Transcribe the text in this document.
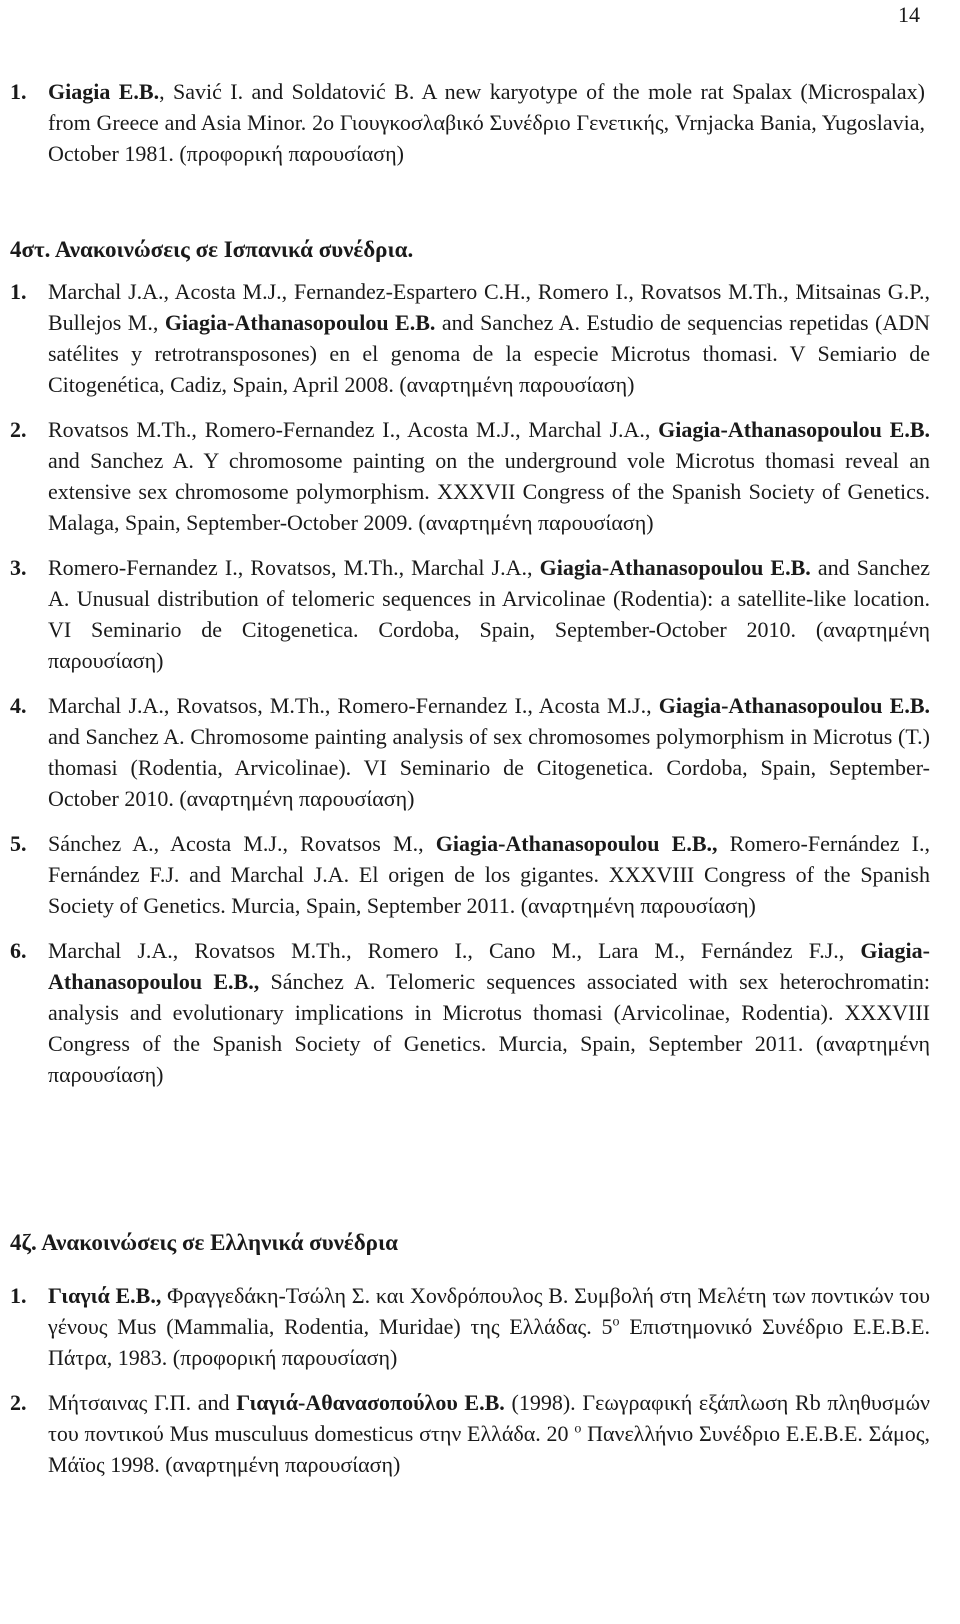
14
1. Giagia E.B., Savić I. and Soldatović B. A new karyotype of the mole rat Spalax (Microspalax) from Greece and Asia Minor. 2o Γιουγκοσλαβικό Συνέδριο Γενετικής, Vrnjacka Bania, Yugoslavia, October 1981. (προφορική παρουσίαση)
4στ. Ανακοινώσεις σε Ισπανικά συνέδρια.
1. Marchal J.A., Acosta M.J., Fernandez-Espartero C.H., Romero I., Rovatsos M.Th., Mitsainas G.P., Bullejos M., Giagia-Athanasopoulou E.B. and Sanchez A. Estudio de sequencias repetidas (ADN satélites y retrotransposones) en el genoma de la especie Microtus thomasi. V Semiario de Citogenética, Cadiz, Spain, April 2008. (αναρτημένη παρουσίαση)
2. Rovatsos M.Th., Romero-Fernandez I., Acosta M.J., Marchal J.A., Giagia-Athanasopoulou E.B. and Sanchez A. Y chromosome painting on the underground vole Microtus thomasi reveal an extensive sex chromosome polymorphism. XXXVII Congress of the Spanish Society of Genetics. Malaga, Spain, September-October 2009. (αναρτημένη παρουσίαση)
3. Romero-Fernandez I., Rovatsos, M.Th., Marchal J.A., Giagia-Athanasopoulou E.B. and Sanchez A. Unusual distribution of telomeric sequences in Arvicolinae (Rodentia): a satellite-like location. VI Seminario de Citogenetica. Cordoba, Spain, September-October 2010. (αναρτημένη παρουσίαση)
4. Marchal J.A., Rovatsos, M.Th., Romero-Fernandez I., Acosta M.J., Giagia-Athanasopoulou E.B. and Sanchez A. Chromosome painting analysis of sex chromosomes polymorphism in Microtus (T.) thomasi (Rodentia, Arvicolinae). VI Seminario de Citogenetica. Cordoba, Spain, September-October 2010. (αναρτημένη παρουσίαση)
5. Sánchez A., Acosta M.J., Rovatsos M., Giagia-Athanasopoulou E.B., Romero-Fernández I., Fernández F.J. and Marchal J.A. El origen de los gigantes. XXXVIII Congress of the Spanish Society of Genetics. Murcia, Spain, September 2011. (αναρτημένη παρουσίαση)
6. Marchal J.A., Rovatsos M.Th., Romero I., Cano M., Lara M., Fernández F.J., Giagia-Athanasopoulou E.B., Sánchez A. Telomeric sequences associated with sex heterochromatin: analysis and evolutionary implications in Microtus thomasi (Arvicolinae, Rodentia). XXXVIII Congress of the Spanish Society of Genetics. Murcia, Spain, September 2011. (αναρτημένη παρουσίαση)
4ζ. Ανακοινώσεις σε Ελληνικά συνέδρια
1. Γιαγιά Ε.Β., Φραγγεδάκη-Τσώλη Σ. και Χονδρόπουλος Β. Συμβολή στη Μελέτη των ποντικών του γένους Mus (Mammalia, Rodentia, Muridae) της Ελλάδας. $5^o$ Επιστημονικό Συνέδριο Ε.Ε.Β.Ε. Πάτρα, 1983. (προφορική παρουσίαση)
2. Μήτσαινας Γ.Π. and Γιαγιά-Αθανασοπούλου Ε.Β. (1998). Γεωγραφική εξάπλωση Rb πληθυσμών του ποντικού Mus musculuus domesticus στην Ελλάδα. 20 $^o$ Πανελλήνιο Συνέδριο Ε.Ε.Β.Ε. Σάμος, Μάϊος 1998. (αναρτημένη παρουσίαση)
